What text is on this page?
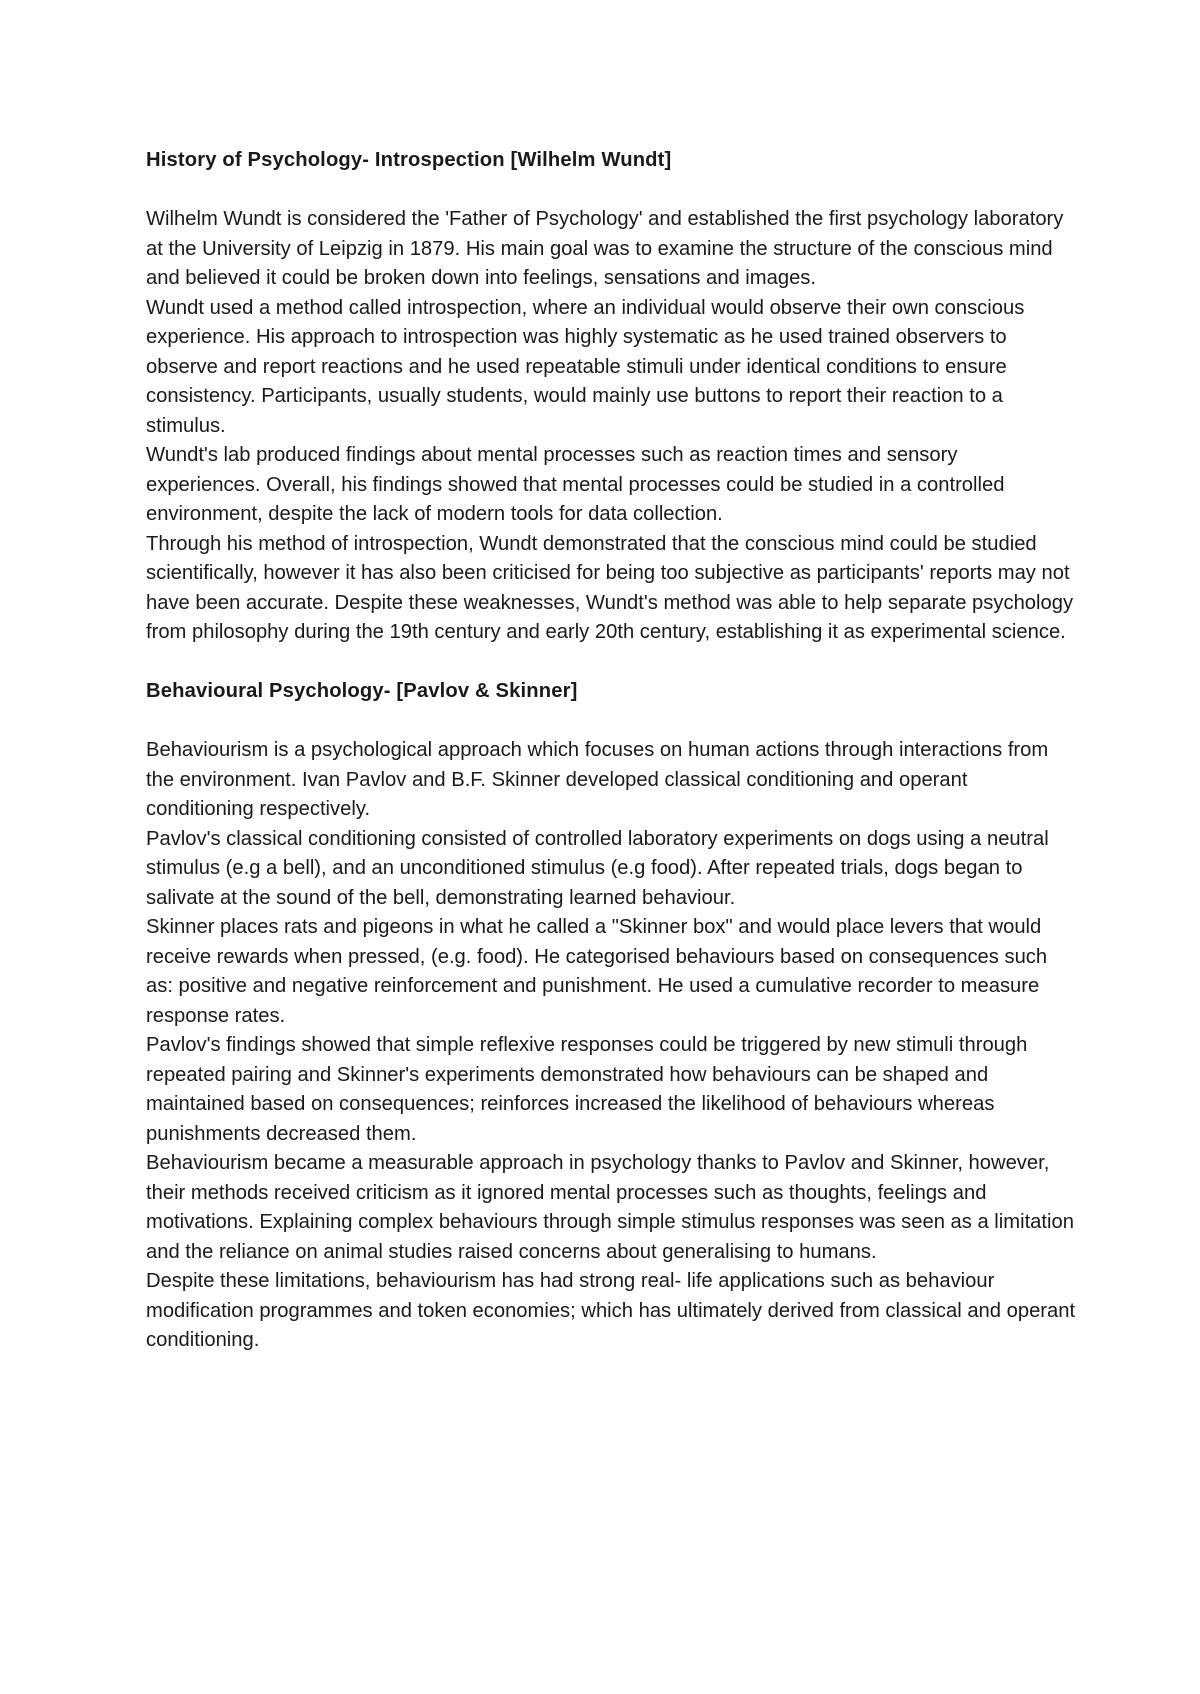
History of Psychology- Introspection [Wilhelm Wundt]

Wilhelm Wundt is considered the 'Father of Psychology' and established the first psychology laboratory at the University of Leipzig in 1879. His main goal was to examine the structure of the conscious mind and believed it could be broken down into feelings, sensations and images.

Wundt used a method called introspection, where an individual would observe their own conscious experience. His approach to introspection was highly systematic as he used trained observers to observe and report reactions and he used repeatable stimuli under identical conditions to ensure consistency. Participants, usually students, would mainly use buttons to report their reaction to a stimulus.

Wundt's lab produced findings about mental processes such as reaction times and sensory experiences. Overall, his findings showed that mental processes could be studied in a controlled environment, despite the lack of modern tools for data collection.

Through his method of introspection, Wundt demonstrated that the conscious mind could be studied scientifically, however it has also been criticised for being too subjective as participants' reports may not have been accurate. Despite these weaknesses, Wundt's method was able to help separate psychology from philosophy during the 19th century and early 20th century, establishing it as experimental science.

Behavioural Psychology- [Pavlov & Skinner]

Behaviourism is a psychological approach which focuses on human actions through interactions from the environment. Ivan Pavlov and B.F. Skinner developed classical conditioning and operant conditioning respectively.

Pavlov's classical conditioning consisted of controlled laboratory experiments on dogs using a neutral stimulus (e.g a bell), and an unconditioned stimulus (e.g food). After repeated trials, dogs began to salivate at the sound of the bell, demonstrating learned behaviour.

Skinner places rats and pigeons in what he called a "Skinner box" and would place levers that would receive rewards when pressed, (e.g. food). He categorised behaviours based on consequences such as: positive and negative reinforcement and punishment. He used a cumulative recorder to measure response rates.

Pavlov's findings showed that simple reflexive responses could be triggered by new stimuli through repeated pairing and Skinner's experiments demonstrated how behaviours can be shaped and maintained based on consequences; reinforces increased the likelihood of behaviours whereas punishments decreased them.

Behaviourism became a measurable approach in psychology thanks to Pavlov and Skinner, however, their methods received criticism as it ignored mental processes such as thoughts, feelings and motivations. Explaining complex behaviours through simple stimulus responses was seen as a limitation and the reliance on animal studies raised concerns about generalising to humans.

Despite these limitations, behaviourism has had strong real- life applications such as behaviour modification programmes and token economies; which has ultimately derived from classical and operant conditioning.
